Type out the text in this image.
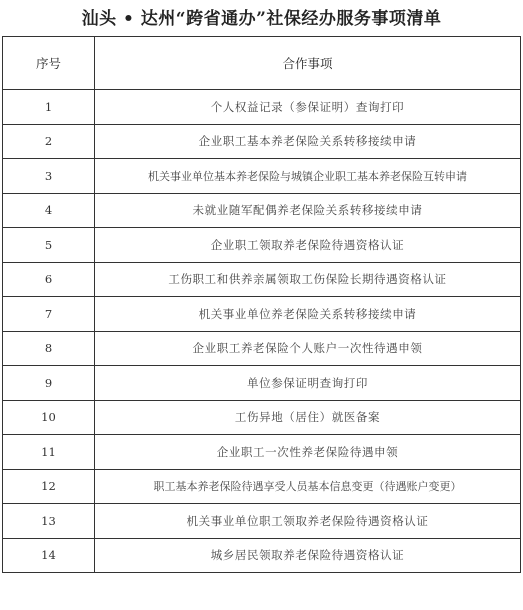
汕头 • 达州“跨省通办”社保经办服务事项清单
序号	合作事项
1	个人权益记录（参保证明）查询打印
2	企业职工基本养老保险关系转移接续申请
3	机关事业单位基本养老保险与城镇企业职工基本养老保险互转申请
4	未就业随军配偶养老保险关系转移接续申请
5	企业职工领取养老保险待遇资格认证
6	工伤职工和供养亲属领取工伤保险长期待遇资格认证
7	机关事业单位养老保险关系转移接续申请
8	企业职工养老保险个人账户一次性待遇申领
9	单位参保证明查询打印
10	工伤异地（居住）就医备案
11	企业职工一次性养老保险待遇申领
12	职工基本养老保险待遇享受人员基本信息变更（待遇账户变更）
13	机关事业单位职工领取养老保险待遇资格认证
14	城乡居民领取养老保险待遇资格认证
